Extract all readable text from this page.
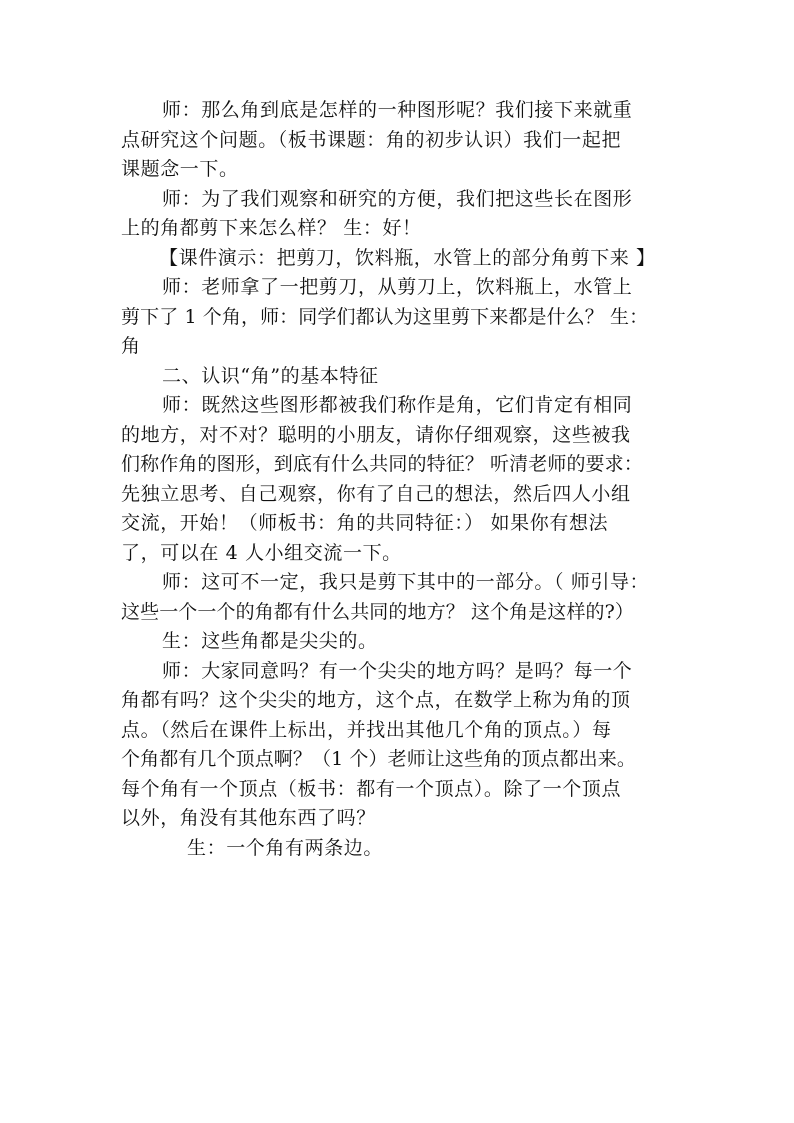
师：那么角到底是怎样的一种图形呢？我们接下来就重
点研究这个问题。（板书课题：角的初步认识）我们一起把
课题念一下。
师：为了我们观察和研究的方便，我们把这些长在图形
上的角都剪下来怎么样？ 生：好！
【课件演示：把剪刀，饮料瓶，水管上的部分角剪下来 】
师：老师拿了一把剪刀，从剪刀上，饮料瓶上，水管上
剪下了 1 个角，师：同学们都认为这里剪下来都是什么？ 生：
角
二、认识“角”的基本特征
师：既然这些图形都被我们称作是角，它们肯定有相同
的地方，对不对？聪明的小朋友，请你仔细观察，这些被我
们称作角的图形，到底有什么共同的特征？ 听清老师的要求：
先独立思考、自己观察，你有了自己的想法，然后四人小组
交流，开始！（师板书：角的共同特征：） 如果你有想法
了，可以在 4 人小组交流一下。
师：这可不一定，我只是剪下其中的一部分。（ 师引导：
这些一个一个的角都有什么共同的地方？ 这个角是这样的?）
生：这些角都是尖尖的。
师：大家同意吗？有一个尖尖的地方吗？是吗？每一个
角都有吗？这个尖尖的地方，这个点，在数学上称为角的顶
点。（然后在课件上标出，并找出其他几个角的顶点。）每
个角都有几个顶点啊？（1 个）老师让这些角的顶点都出来。
每个角有一个顶点（板书：都有一个顶点）。除了一个顶点
以外，角没有其他东西了吗？
生：一个角有两条边。
